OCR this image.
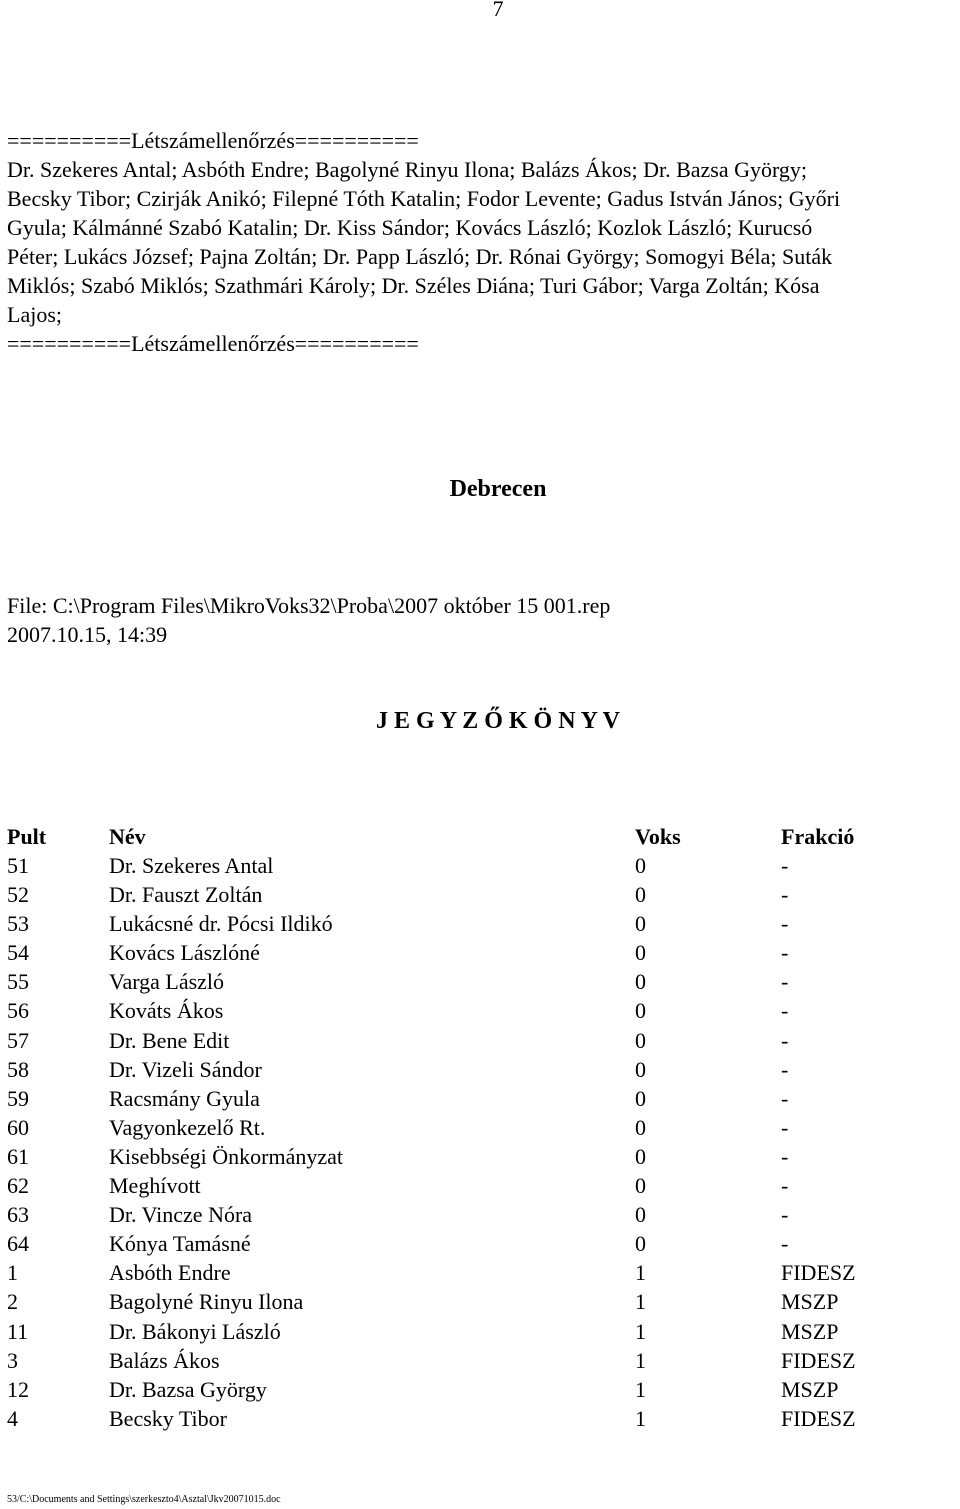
7
==========Létszámellenőrzés==========

Dr. Szekeres Antal; Asbóth Endre; Bagolyné Rinyu Ilona; Balázs Ákos; Dr. Bazsa György;

Becsky Tibor; Czirják Anikó; Filepné Tóth Katalin; Fodor Levente; Gadus István János; Győri

Gyula; Kálmánné Szabó Katalin; Dr. Kiss Sándor; Kovács László; Kozlok László; Kurucsó

Péter; Lukács József; Pajna Zoltán; Dr. Papp László; Dr. Rónai György; Somogyi Béla; Suták

Miklós; Szabó Miklós; Szathmári Károly; Dr. Széles Diána; Turi Gábor; Varga Zoltán; Kósa

Lajos;

==========Létszámellenőrzés==========
Debrecen
File: C:\Program Files\MikroVoks32\Proba\2007 október 15 001.rep
2007.10.15, 14:39
J E G Y Z Ő K Ö N Y V
Pult	Név	Voks	Frakció
51	Dr. Szekeres Antal	0	-
52	Dr. Fauszt Zoltán	0	-
53	Lukácsné dr. Pócsi Ildikó	0	-
54	Kovács Lászlóné	0	-
55	Varga László	0	-
56	Kováts Ákos	0	-
57	Dr. Bene Edit	0	-
58	Dr. Vizeli Sándor	0	-
59	Racsmány Gyula	0	-
60	Vagyonkezelő Rt.	0	-
61	Kisebbségi Önkormányzat	0	-
62	Meghívott	0	-
63	Dr. Vincze Nóra	0	-
64	Kónya Tamásné	0	-
1	Asbóth Endre	1	FIDESZ
2	Bagolyné Rinyu Ilona	1	MSZP
11	Dr. Bákonyi László	1	MSZP
3	Balázs Ákos	1	FIDESZ
12	Dr. Bazsa György	1	MSZP
4	Becsky Tibor	1	FIDESZ
53/C:\Documents and Settings\szerkeszto4\Asztal\Jkv20071015.doc
